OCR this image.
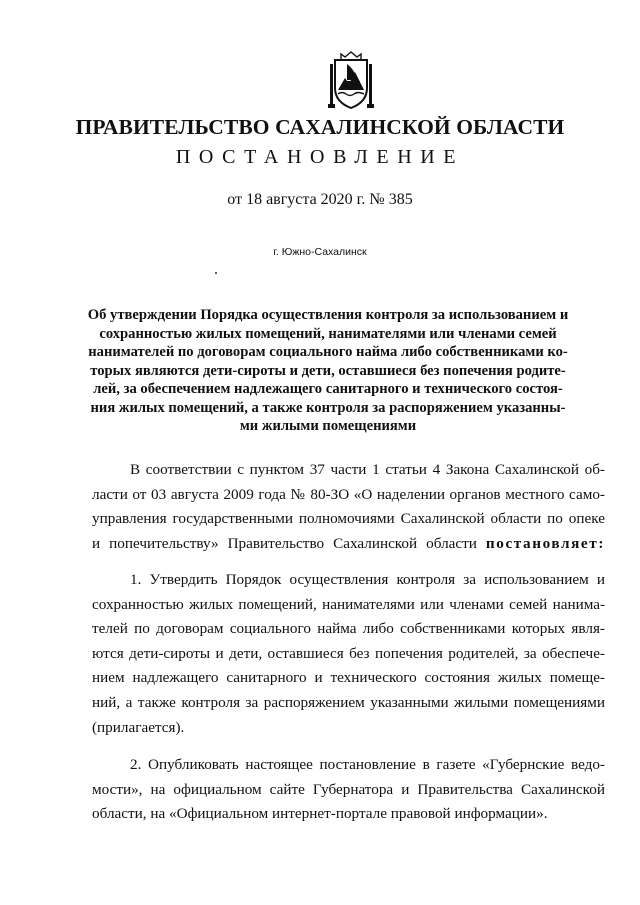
ПРАВИТЕЛЬСТВО САХАЛИНСКОЙ ОБЛАСТИ
ПОСТАНОВЛЕНИЕ
от 18 августа 2020 г. № 385
г. Южно-Сахалинск
Об утверждении Порядка осуществления контроля за использованием и
сохранностью жилых помещений, нанимателями или членами семей
нанимателей по договорам социального найма либо собственниками ко-
торых являются дети-сироты и дети, оставшиеся без попечения родите-
лей, за обеспечением надлежащего санитарного и технического состоя-
ния жилых помещений, а также контроля за распоряжением указанны-
ми жилыми помещениями
В соответствии с пунктом 37 части 1 статьи 4 Закона Сахалинской об-
ласти от 03 августа 2009 года № 80-ЗО «О наделении органов местного само-
управления государственными полномочиями Сахалинской области по опеке
и попечительству» Правительство Сахалинской области постановляет:
1. Утвердить Порядок осуществления контроля за использованием и
сохранностью жилых помещений, нанимателями или членами семей нанима-
телей по договорам социального найма либо собственниками которых явля-
ются дети-сироты и дети, оставшиеся без попечения родителей, за обеспече-
нием надлежащего санитарного и технического состояния жилых помеще-
ний, а также контроля за распоряжением указанными жилыми помещениями
(прилагается).
2. Опубликовать настоящее постановление в газете «Губернские ведо-
мости», на официальном сайте Губернатора и Правительства Сахалинской
области, на «Официальном интернет-портале правовой информации».
